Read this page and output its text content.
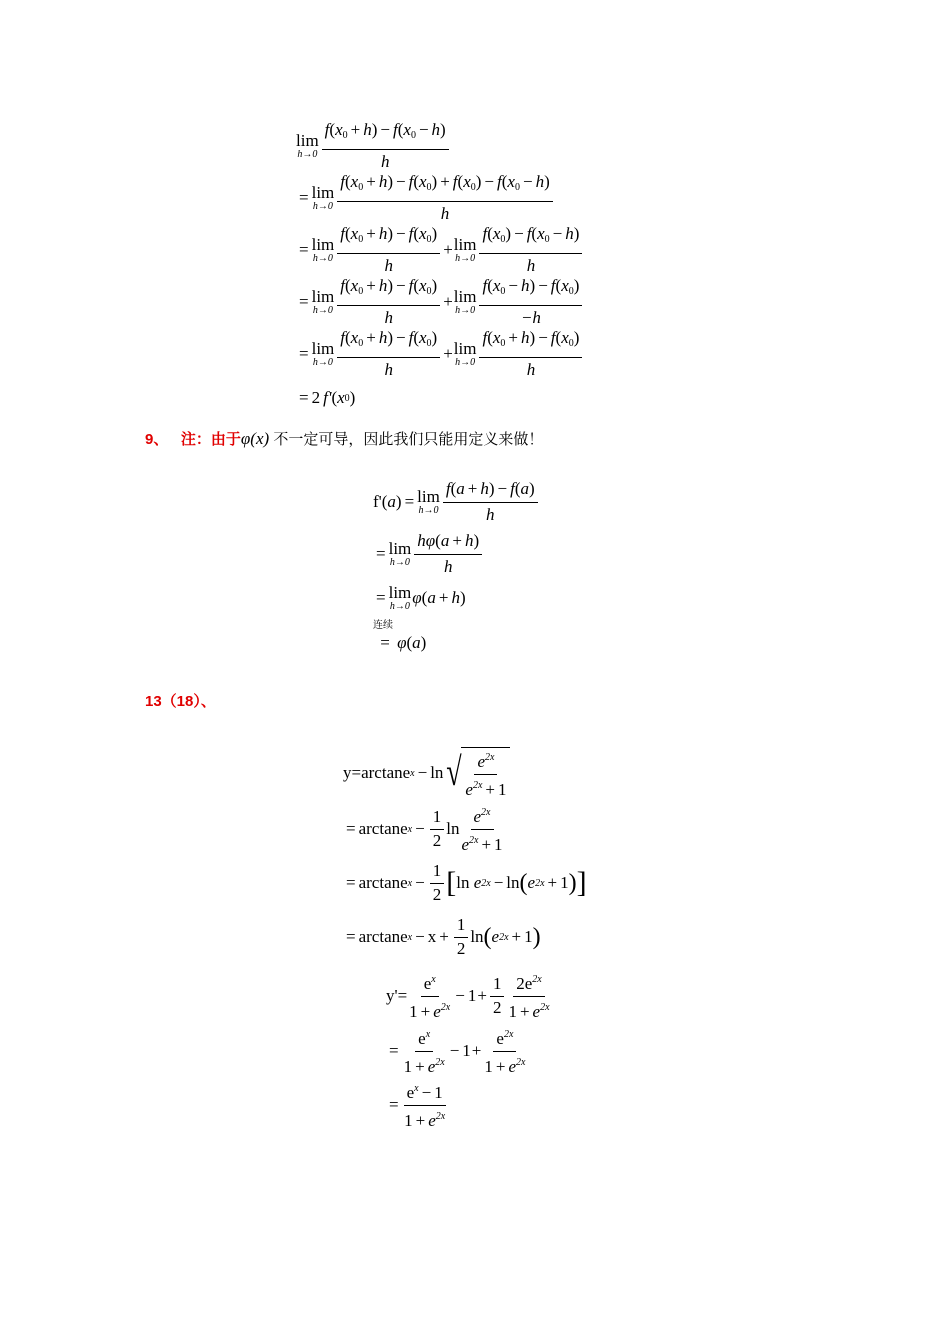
lim
$h\to 0 \frac{f(x_0 + h) - f(x_0 - h)}{h}$
= lim
$h\to 0 \frac{f(x_0 + h) - f(x_0) + f(x_0) - f(x_0 - h)}{h}$
= lim
$h\to 0 \frac{f(x_0 + h) - f(x_0)}{h} + \lim$
$h\to 0 \frac{f(x_0) - f(x_0 - h)}{h}$
= lim
$h\to 0 \frac{f(x_0 + h) - f(x_0)}{h} + \lim$
$h\to 0 \frac{f(x_0 - h) - f(x_0)}{-h}$
= lim
$h\to 0 \frac{f(x_0 + h) - f(x_0)}{h} + \lim$
$h\to 0 \frac{f(x_0 + h) - f(x_0)}{h}$
= 2 f' ( x 0 )
9、 注：由于φ(x) 不一定可导，因此我们只能用定义来做！
f' ( a ) = lim
$h\to 0 \frac{f(a + h) - f(a)}{h}$
= lim
$h\to 0 \frac{h\varphi(a + h)}{h}$
= lim
h→0 φ ( a + h )
连续
=
φ ( a )
13（18）、
y=arctane x − ln √ $\frac{e^{2x}}{e^{2x} + 1}$
= arctane $x - \frac{1}{2}$ $\ln \frac{e^{2x}}{e^{2x} + 1}$
= arctane $x - \frac{1}{2}$ [ ln
e 2x − ln ( e 2x + 1 ) ]
= arctane $x - x + \frac{1}{2}$ ln ( e 2x + 1 )
$y'= \frac{e^x}{1 + e^{2x}} - 1 + \frac{1}{2} \frac{2e^{2x}}{1 + e^{2x}}$
= $\frac{e^x}{1 + e^{2x}} - 1 + \frac{e^{2x}}{1 + e^{2x}}$
= $\frac{e^x - 1}{1 + e^{2x}}$
